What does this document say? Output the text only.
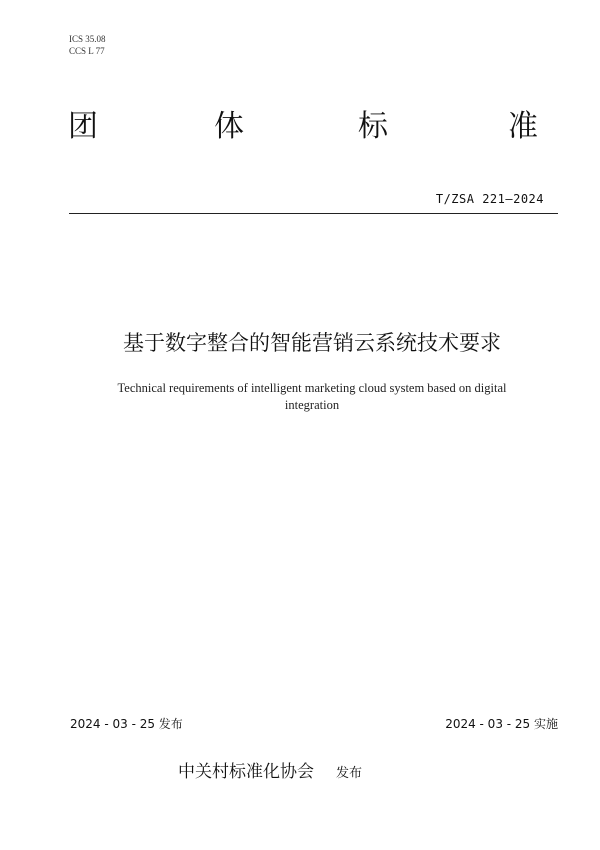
ICS 35.08
CCS L 77
团	体	标	准
T/ZSA 221—2024
基于数字整合的智能营销云系统技术要求
Technical requirements of intelligent marketing cloud system based on digital integration
2024 - 03 - 25 发布	2024 - 03 - 25 实施
中关村标准化协会 发布
